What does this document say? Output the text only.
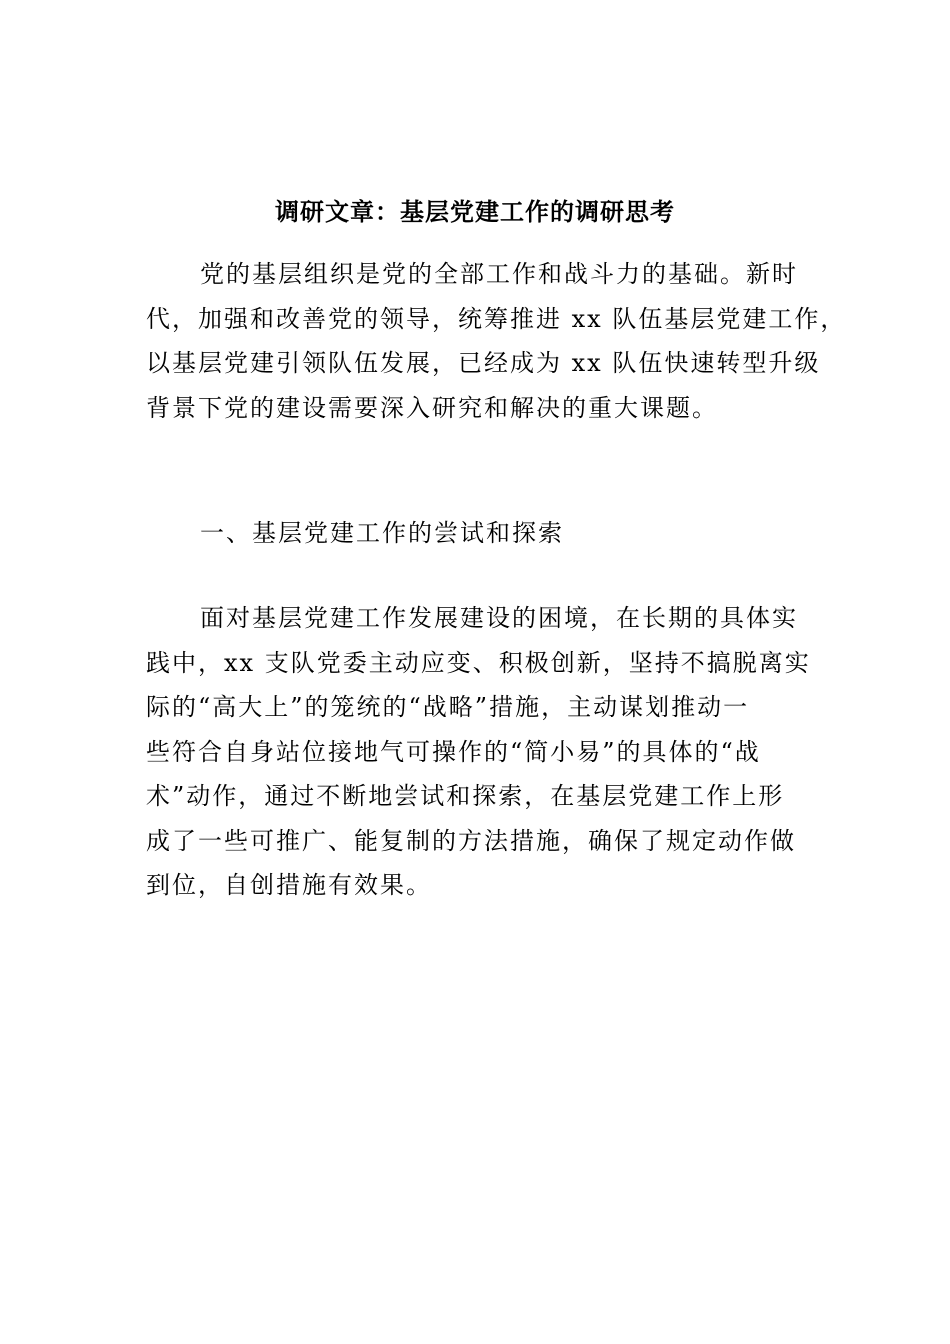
调研文章：基层党建工作的调研思考
党的基层组织是党的全部工作和战斗力的基础。新时
代，加强和改善党的领导，统筹推进 xx 队伍基层党建工作，
以基层党建引领队伍发展，已经成为 xx 队伍快速转型升级
背景下党的建设需要深入研究和解决的重大课题。
一、基层党建工作的尝试和探索
面对基层党建工作发展建设的困境，在长期的具体实
践中，xx 支队党委主动应变、积极创新，坚持不搞脱离实
际的“高大上”的笼统的“战略”措施，主动谋划推动一
些符合自身站位接地气可操作的“简小易”的具体的“战
术”动作，通过不断地尝试和探索，在基层党建工作上形
成了一些可推广、能复制的方法措施，确保了规定动作做
到位，自创措施有效果。
